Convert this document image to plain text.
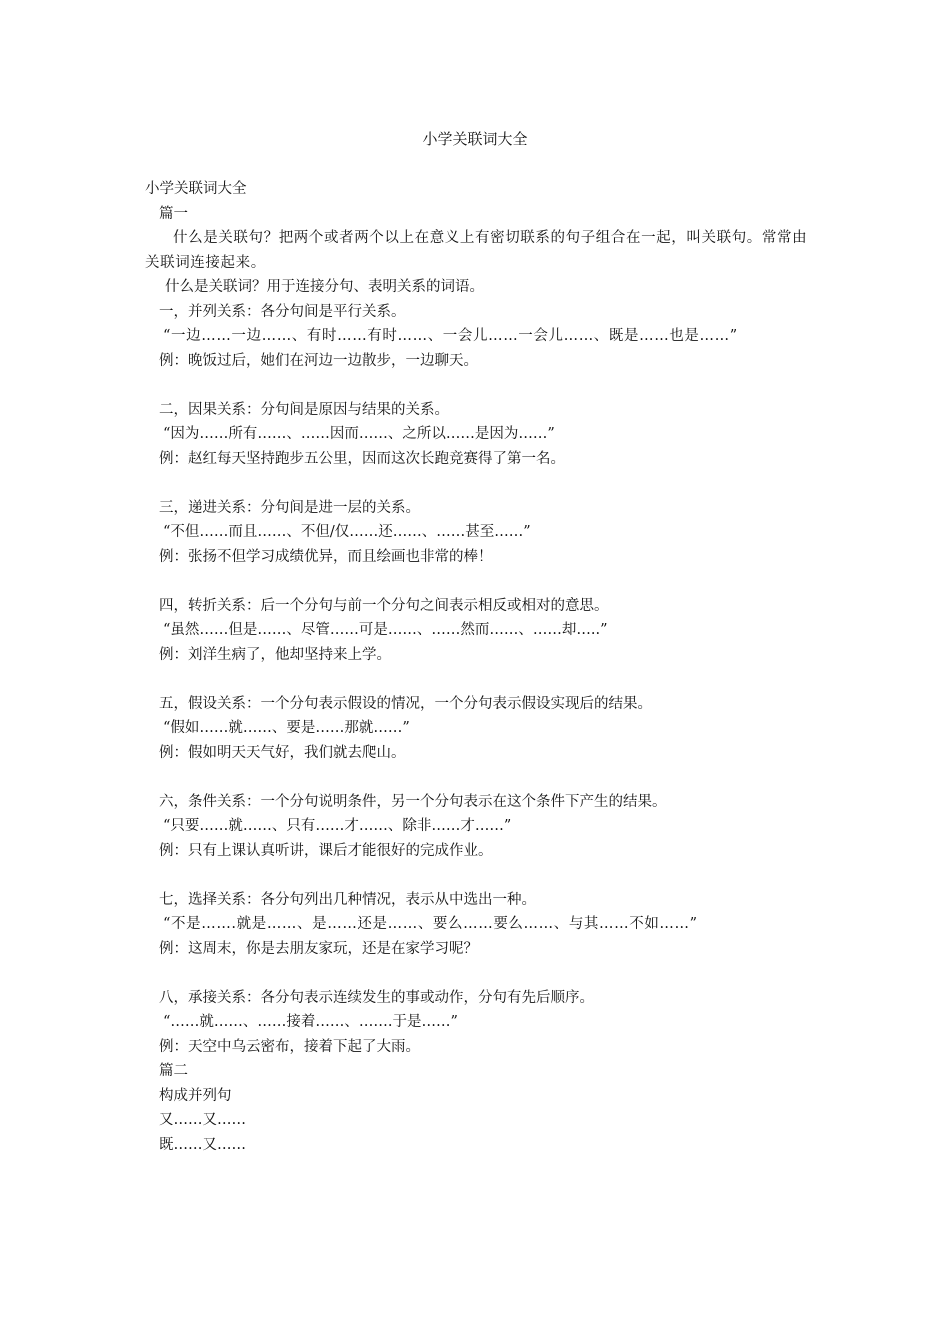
小学关联词大全

小学关联词大全

篇一

什么是关联句？把两个或者两个以上在意义上有密切联系的句子组合在一起，叫关联句。常常由关联词连接起来。

什么是关联词？用于连接分句、表明关系的词语。

一，并列关系：各分句间是平行关系。

“一边……一边……、有时……有时……、一会儿……一会儿……、既是……也是……”

例：晚饭过后，她们在河边一边散步，一边聊天。

二，因果关系：分句间是原因与结果的关系。

“因为……所有……、……因而……、之所以……是因为……”

例：赵红每天坚持跑步五公里，因而这次长跑竞赛得了第一名。

三，递进关系：分句间是进一层的关系。

“不但……而且……、不但/仅……还……、……甚至……”

例：张扬不但学习成绩优异，而且绘画也非常的棒！

四，转折关系：后一个分句与前一个分句之间表示相反或相对的意思。

“虽然……但是……、尽管……可是……、……然而……、……却…..”

例：刘洋生病了，他却坚持来上学。

五，假设关系：一个分句表示假设的情况，一个分句表示假设实现后的结果。

“假如……就……、要是……那就……”

例：假如明天天气好，我们就去爬山。

六，条件关系：一个分句说明条件，另一个分句表示在这个条件下产生的结果。

“只要……就……、只有……才……、除非……才……”

例：只有上课认真听讲，课后才能很好的完成作业。

七，选择关系：各分句列出几种情况，表示从中选出一种。

“不是…….就是……、是……还是……、要么……要么……、与其……不如……”

例：这周末，你是去朋友家玩，还是在家学习呢？

八，承接关系：各分句表示连续发生的事或动作，分句有先后顺序。

“……就……、……接着……、…….于是……”

例：天空中乌云密布，接着下起了大雨。

篇二

构成并列句

又……又……

既……又……
